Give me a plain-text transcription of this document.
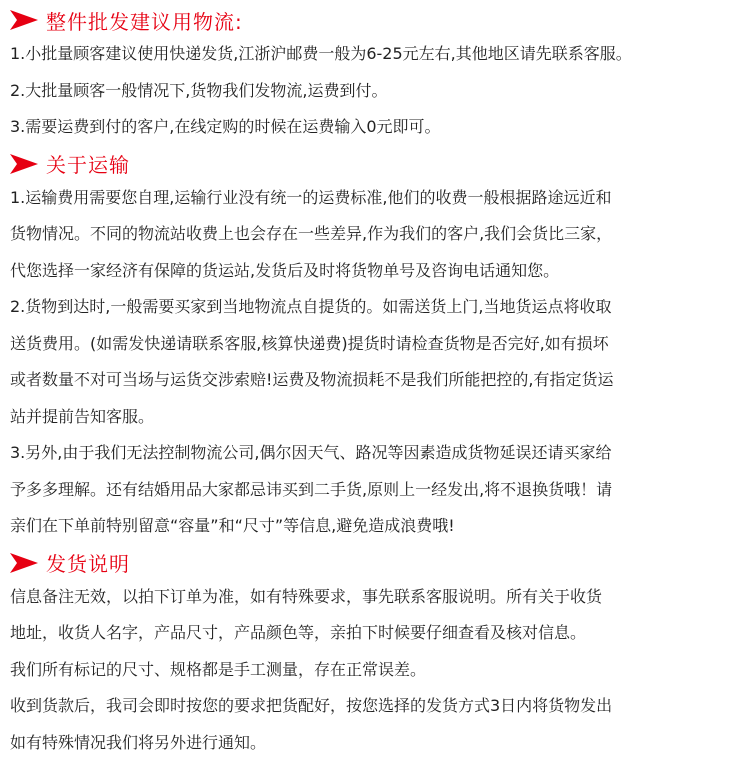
整件批发建议用物流:
1.小批量顾客建议使用快递发货,江浙沪邮费一般为6-25元左右,其他地区请先联系客服。
2.大批量顾客一般情况下,货物我们发物流,运费到付。
3.需要运费到付的客户,在线定购的时候在运费输入0元即可。
关于运输
1.运输费用需要您自理,运输行业没有统一的运费标准,他们的收费一般根据路途远近和
货物情况。不同的物流站收费上也会存在一些差异,作为我们的客户,我们会货比三家，
代您选择一家经济有保障的货运站,发货后及时将货物单号及咨询电话通知您。
2.货物到达时,一般需要买家到当地物流点自提货的。如需送货上门,当地货运点将收取
送货费用。(如需发快递请联系客服,核算快递费)提货时请检查货物是否完好,如有损坏
或者数量不对可当场与运货交涉索赔!运费及物流损耗不是我们所能把控的,有指定货运
站并提前告知客服。
3.另外,由于我们无法控制物流公司,偶尔因天气、路况等因素造成货物延误还请买家给
予多多理解。还有结婚用品大家都忌讳买到二手货,原则上一经发出,将不退换货哦！请
亲们在下单前特别留意“容量”和“尺寸”等信息,避免造成浪费哦!
发货说明
信息备注无效，以拍下订单为准，如有特殊要求，事先联系客服说明。所有关于收货
地址，收货人名字，产品尺寸，产品颜色等，亲拍下时候要仔细查看及核对信息。
我们所有标记的尺寸、规格都是手工测量，存在正常误差。
收到货款后，我司会即时按您的要求把货配好，按您选择的发货方式3日内将货物发出
如有特殊情况我们将另外进行通知。
